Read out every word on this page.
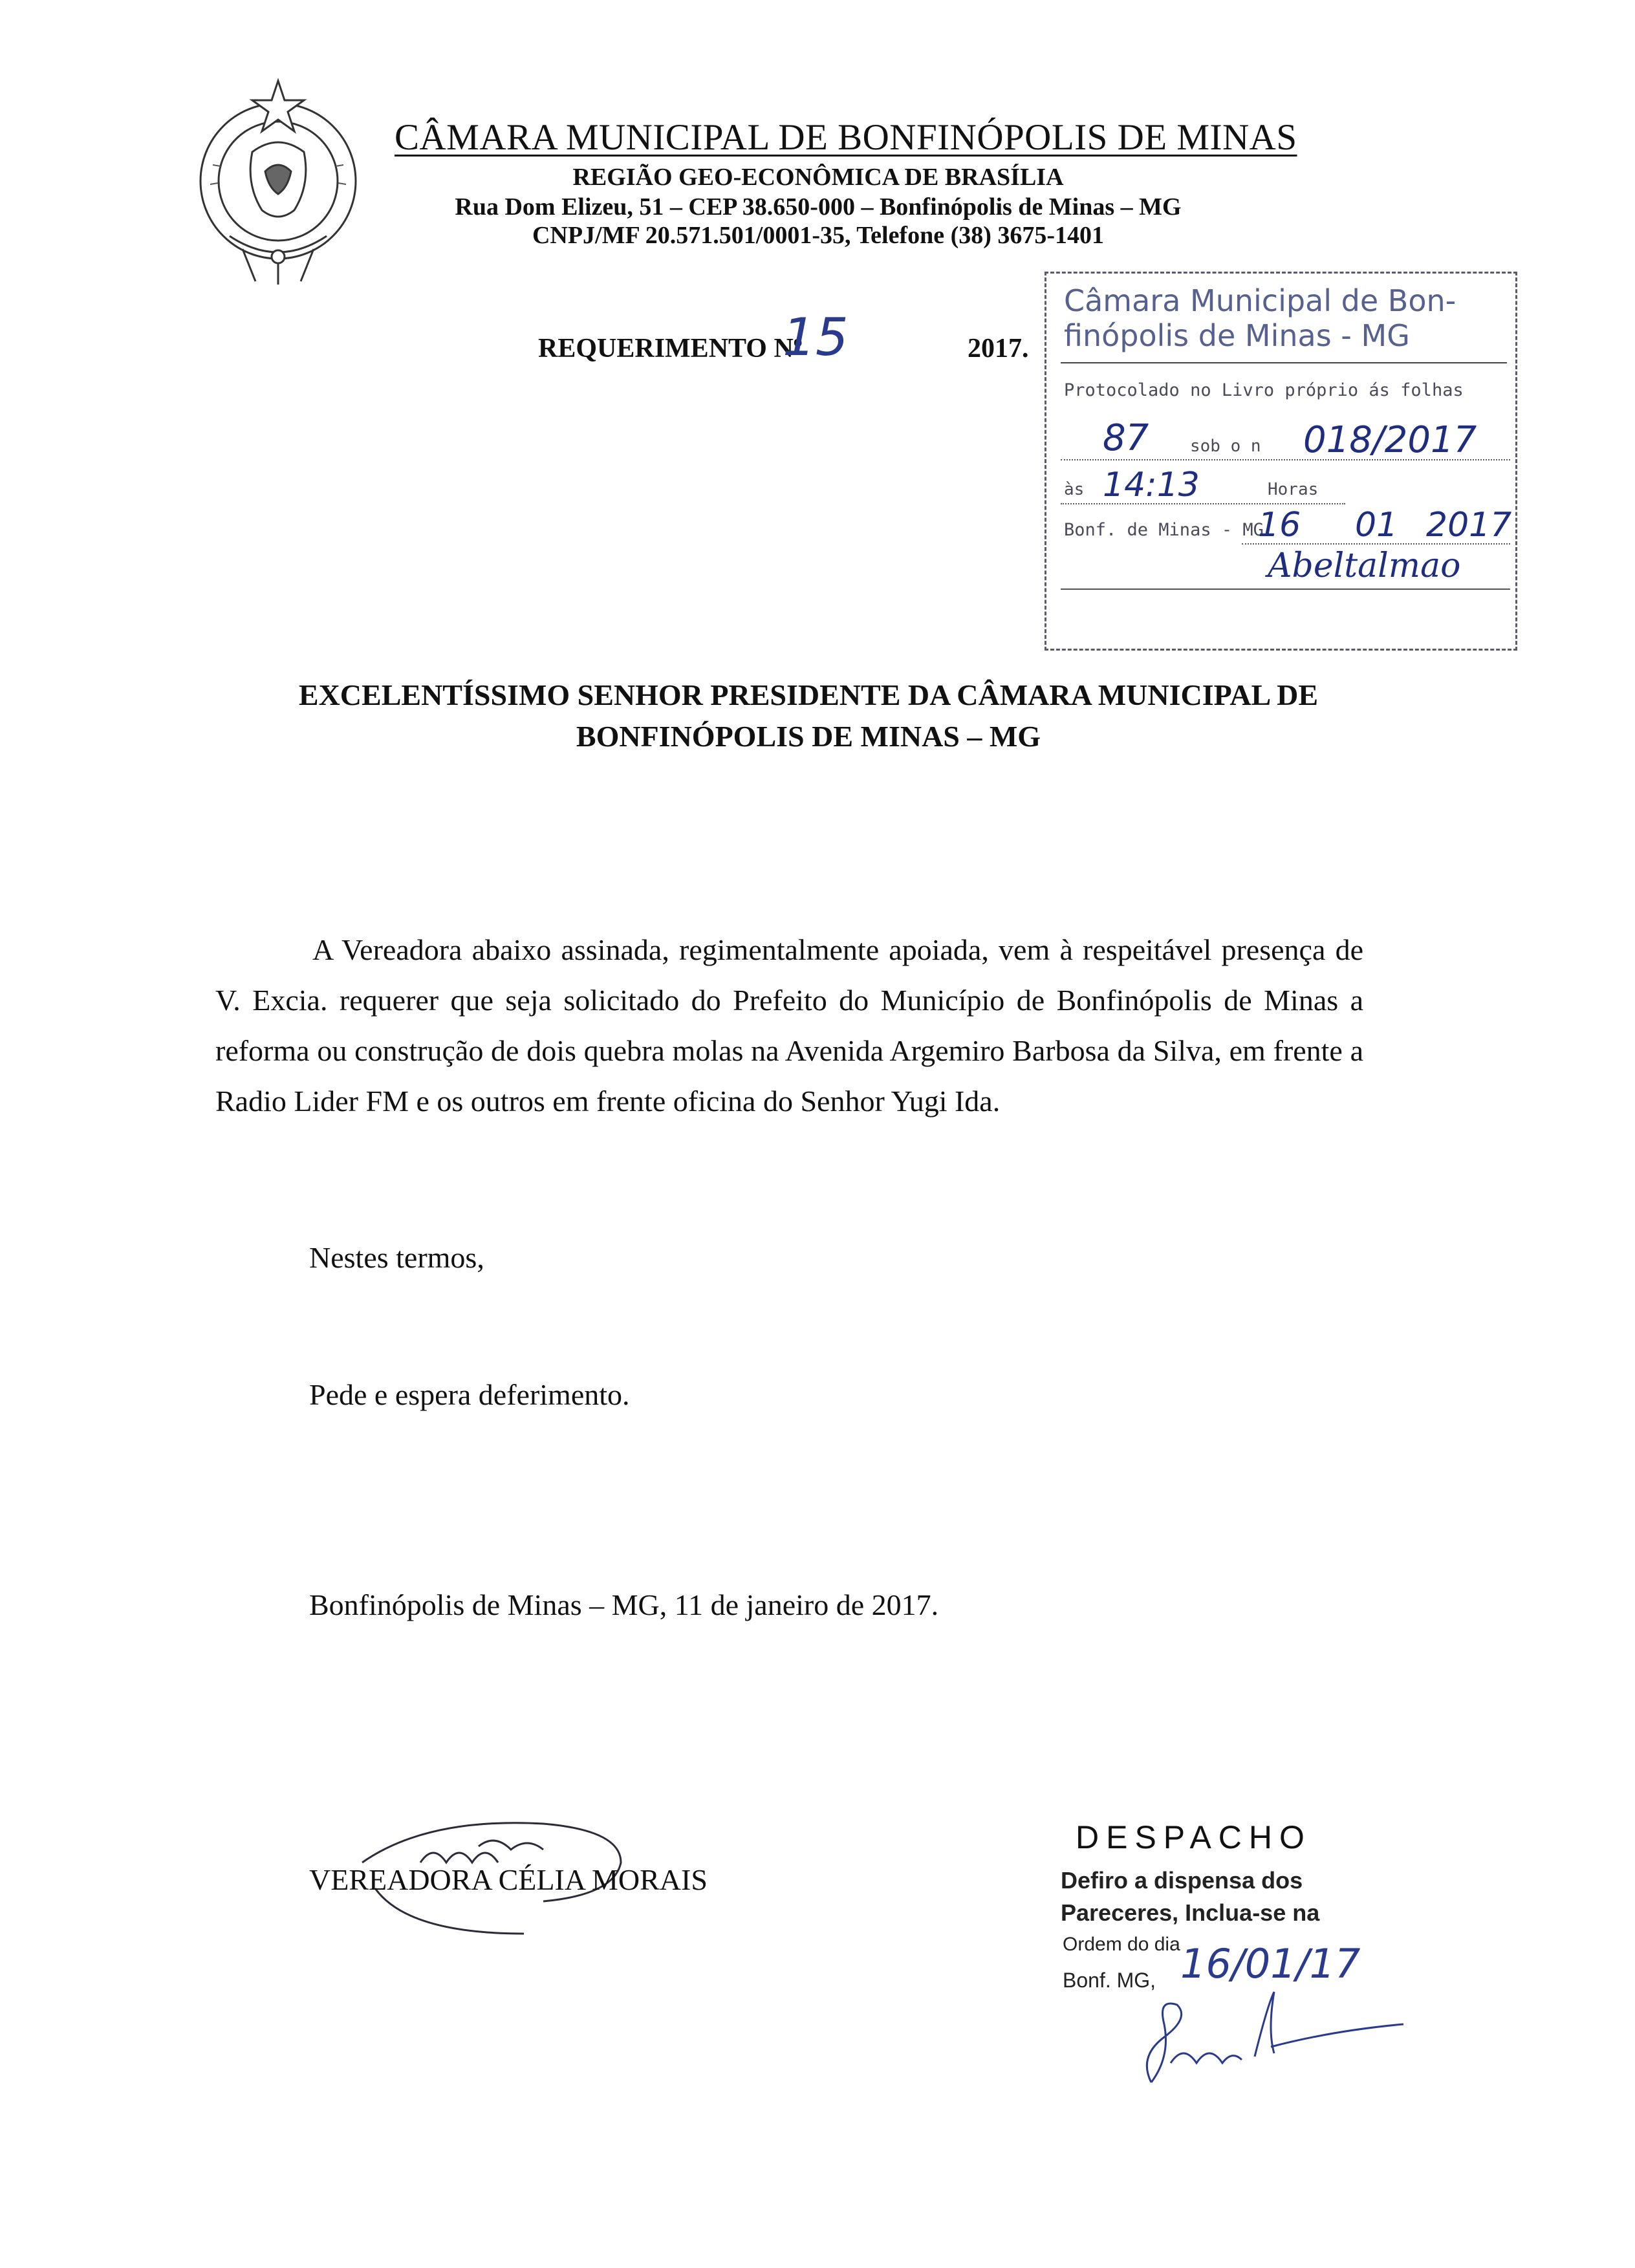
CÂMARA MUNICIPAL DE BONFINÓPOLIS DE MINAS
REGIÃO GEO-ECONÔMICA DE BRASÍLIA
Rua Dom Elizeu, 51 – CEP 38.650-000 – Bonfinópolis de Minas – MG
CNPJ/MF 20.571.501/0001-35, Telefone (38) 3675-1401
REQUERIMENTO Nº
15	2017.
Câmara Municipal de Bon-
finópolis de Minas - MG
Protocolado no Livro próprio ás folhas
87 sob o n 018/2017
às 14:13	Horas
Bonf. de Minas - MG
16 01 2017
Abeltalmao
EXCELENTÍSSIMO SENHOR PRESIDENTE DA CÂMARA MUNICIPAL DE
BONFINÓPOLIS DE MINAS – MG
A Vereadora abaixo assinada, regimentalmente apoiada, vem à respeitável presença de V. Excia. requerer que seja solicitado do Prefeito do Município de Bonfinópolis de Minas a reforma ou construção de dois quebra molas na Avenida Argemiro Barbosa da Silva, em frente a Radio Lider FM e os outros em frente oficina do Senhor Yugi Ida.
Nestes termos,
Pede e espera deferimento.
Bonfinópolis de Minas – MG, 11 de janeiro de 2017.
VEREADORA CÉLIA MORAIS
DESPACHO
Defiro a dispensa dos
Pareceres, Inclua-se na
Ordem do dia
Bonf. MG, 16/01/17
